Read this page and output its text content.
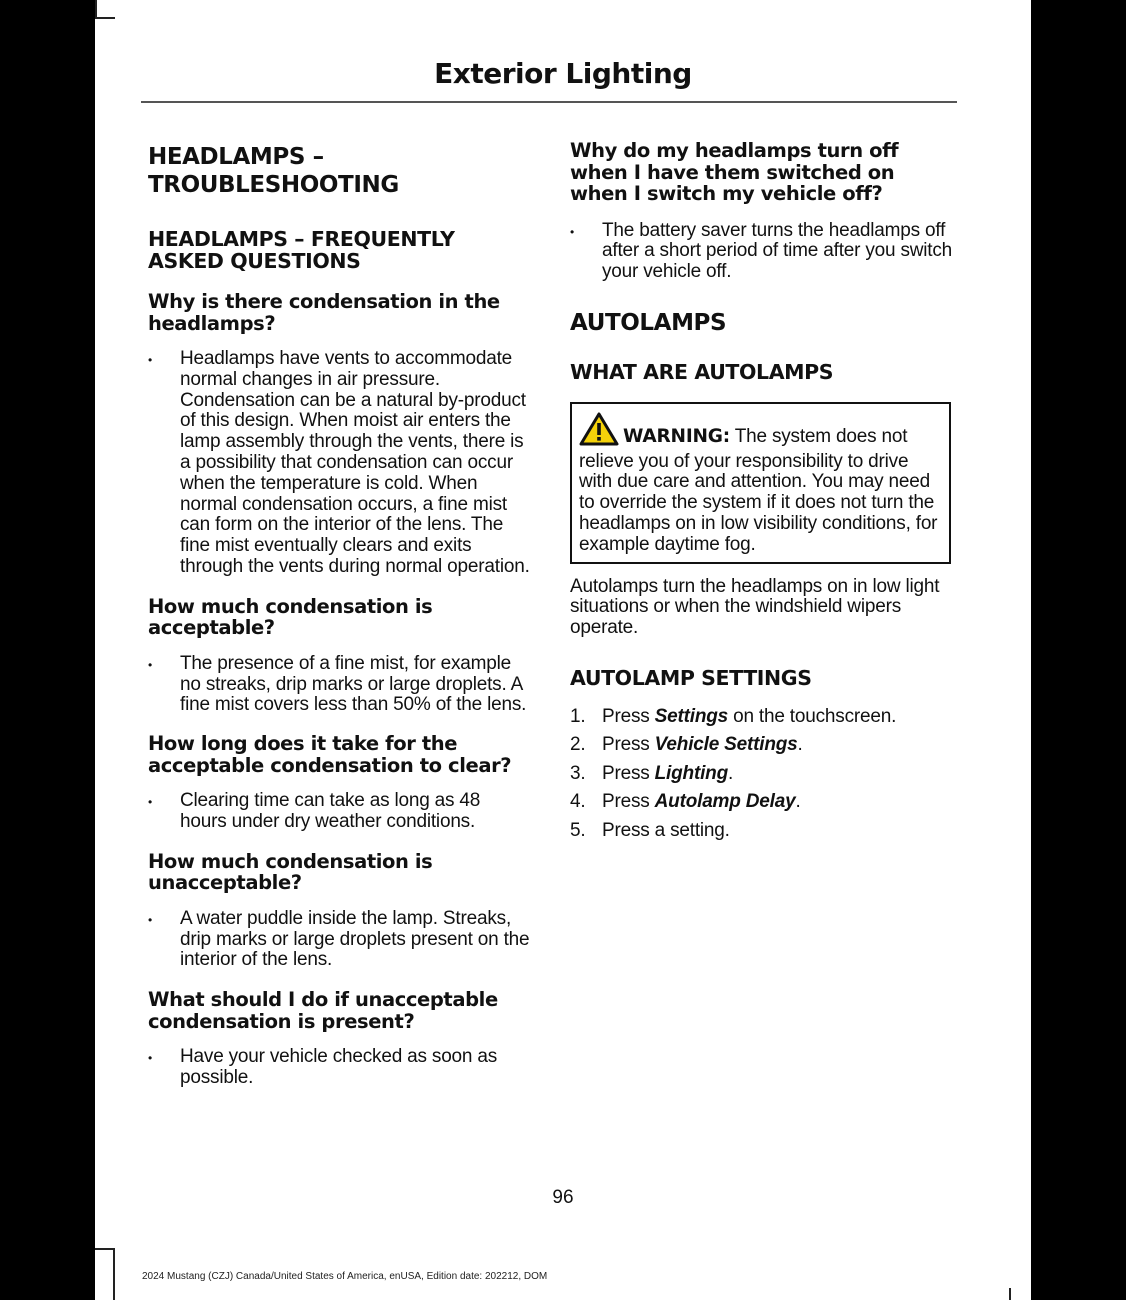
Exterior Lighting
HEADLAMPS – TROUBLESHOOTING
HEADLAMPS – FREQUENTLY ASKED QUESTIONS
Why is there condensation in the headlamps?
• Headlamps have vents to accommodate normal changes in air pressure. Condensation can be a natural by-product of this design. When moist air enters the lamp assembly through the vents, there is a possibility that condensation can occur when the temperature is cold. When normal condensation occurs, a fine mist can form on the interior of the lens. The fine mist eventually clears and exits through the vents during normal operation.
How much condensation is acceptable?
• The presence of a fine mist, for example no streaks, drip marks or large droplets. A fine mist covers less than 50% of the lens.
How long does it take for the acceptable condensation to clear?
• Clearing time can take as long as 48 hours under dry weather conditions.
How much condensation is unacceptable?
• A water puddle inside the lamp. Streaks, drip marks or large droplets present on the interior of the lens.
What should I do if unacceptable condensation is present?
• Have your vehicle checked as soon as possible.
Why do my headlamps turn off when I have them switched on when I switch my vehicle off?
• The battery saver turns the headlamps off after a short period of time after you switch your vehicle off.
AUTOLAMPS
WHAT ARE AUTOLAMPS

WARNING: The system does not relieve you of your responsibility to drive with due care and attention. You may need to override the system if it does not turn the headlamps on in low visibility conditions, for example daytime fog.

Autolamps turn the headlamps on in low light situations or when the windshield wipers operate.

AUTOLAMP SETTINGS
1. Press Settings on the touchscreen.
2. Press Vehicle Settings.
3. Press Lighting.
4. Press Autolamp Delay.
5. Press a setting.
96
2024 Mustang (CZJ) Canada/United States of America, enUSA, Edition date: 202212, DOM
